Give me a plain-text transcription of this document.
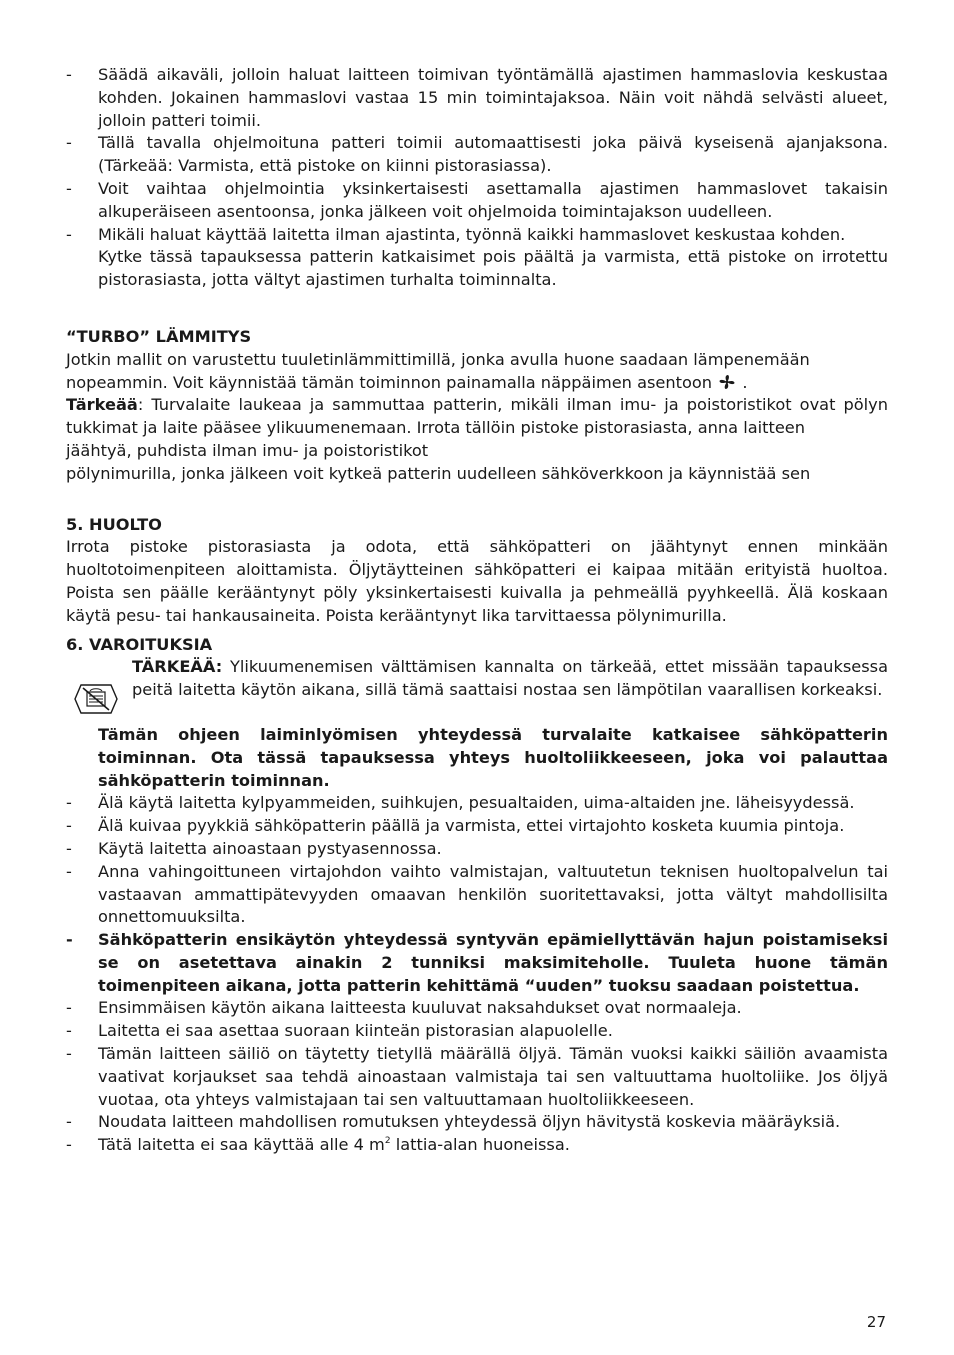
- Säädä aikaväli, jolloin haluat laitteen toimivan työntämällä ajastimen hammaslovia keskustaa kohden. Jokainen hammaslovi vastaa 15 min toimintajaksoa. Näin voit nähdä selvästi alueet, jolloin patteri toimii.
- Tällä tavalla ohjelmoituna patteri toimii automaattisesti joka päivä kyseisenä ajanjaksona. (Tärkeää: Varmista, että pistoke on kiinni pistorasiassa).
- Voit vaihtaa ohjelmointia yksinkertaisesti asettamalla ajastimen hammaslovet takaisin alkuperäiseen asentoonsa, jonka jälkeen voit ohjelmoida toimintajakson uudelleen.
- Mikäli haluat käyttää laitetta ilman ajastinta, työnnä kaikki hammaslovet keskustaa kohden.
Kytke tässä tapauksessa patterin katkaisimet pois päältä ja varmista, että pistoke on irrotettu pistorasiasta, jotta vältyt ajastimen turhalta toiminnalta.
“TURBO” LÄMMITYS
Jotkin mallit on varustettu tuuletinlämmittimillä, jonka avulla huone saadaan lämpenemään
nopeammin. Voit käynnistää tämän toiminnon painamalla näppäimen asentoon .
Tärkeää: Turvalaite laukeaa ja sammuttaa patterin, mikäli ilman imu- ja poistoristikot ovat pölyn tukkimat ja laite pääsee ylikuumenemaan. Irrota tällöin pistoke pistorasiasta, anna laitteen
jäähtyä, puhdista ilman imu- ja poistoristikot
pölynimurilla, jonka jälkeen voit kytkeä patterin uudelleen sähköverkkoon ja käynnistää sen
5. HUOLTO
Irrota pistoke pistorasiasta ja odota, että sähköpatteri on jäähtynyt ennen minkään huoltotoimenpiteen aloittamista. Öljytäytteinen sähköpatteri ei kaipaa mitään erityistä huoltoa. Poista sen päälle kerääntynyt pöly yksinkertaisesti kuivalla ja pehmeällä pyyhkeellä. Älä koskaan käytä pesu- tai hankausaineita. Poista kerääntynyt lika tarvittaessa pölynimurilla.
6. VAROITUKSIA
TÄRKEÄÄ: Ylikuumenemisen välttämisen kannalta on tärkeää, ettet missään tapauksessa peitä laitetta käytön aikana, sillä tämä saattaisi nostaa sen lämpötilan vaarallisen korkeaksi.
Tämän ohjeen laiminlyömisen yhteydessä turvalaite katkaisee sähköpatterin toiminnan. Ota tässä tapauksessa yhteys huoltoliikkeeseen, joka voi palauttaa sähköpatterin toiminnan.
- Älä käytä laitetta kylpyammeiden, suihkujen, pesualtaiden, uima-altaiden jne. läheisyydessä.
- Älä kuivaa pyykkiä sähköpatterin päällä ja varmista, ettei virtajohto kosketa kuumia pintoja.
- Käytä laitetta ainoastaan pystyasennossa.
- Anna vahingoittuneen virtajohdon vaihto valmistajan, valtuutetun teknisen huoltopalvelun tai vastaavan ammattipätevyyden omaavan henkilön suoritettavaksi, jotta vältyt mahdollisilta onnettomuuksilta.
- Sähköpatterin ensikäytön yhteydessä syntyvän epämiellyttävän hajun poistamiseksi se on asetettava ainakin 2 tunniksi maksimiteholle. Tuuleta huone tämän toimenpiteen aikana, jotta patterin kehittämä “uuden” tuoksu saadaan poistettua.
- Ensimmäisen käytön aikana laitteesta kuuluvat naksahdukset ovat normaaleja.
- Laitetta ei saa asettaa suoraan kiinteän pistorasian alapuolelle.
- Tämän laitteen säiliö on täytetty tietyllä määrällä öljyä. Tämän vuoksi kaikki säiliön avaamista vaativat korjaukset saa tehdä ainoastaan valmistaja tai sen valtuuttama huoltoliike. Jos öljyä vuotaa, ota yhteys valmistajaan tai sen valtuuttamaan huoltoliikkeeseen.
- Noudata laitteen mahdollisen romutuksen yhteydessä öljyn hävitystä koskevia määräyksiä.
- Tätä laitetta ei saa käyttää alle 4 $m^2$ lattia-alan huoneissa.
27
